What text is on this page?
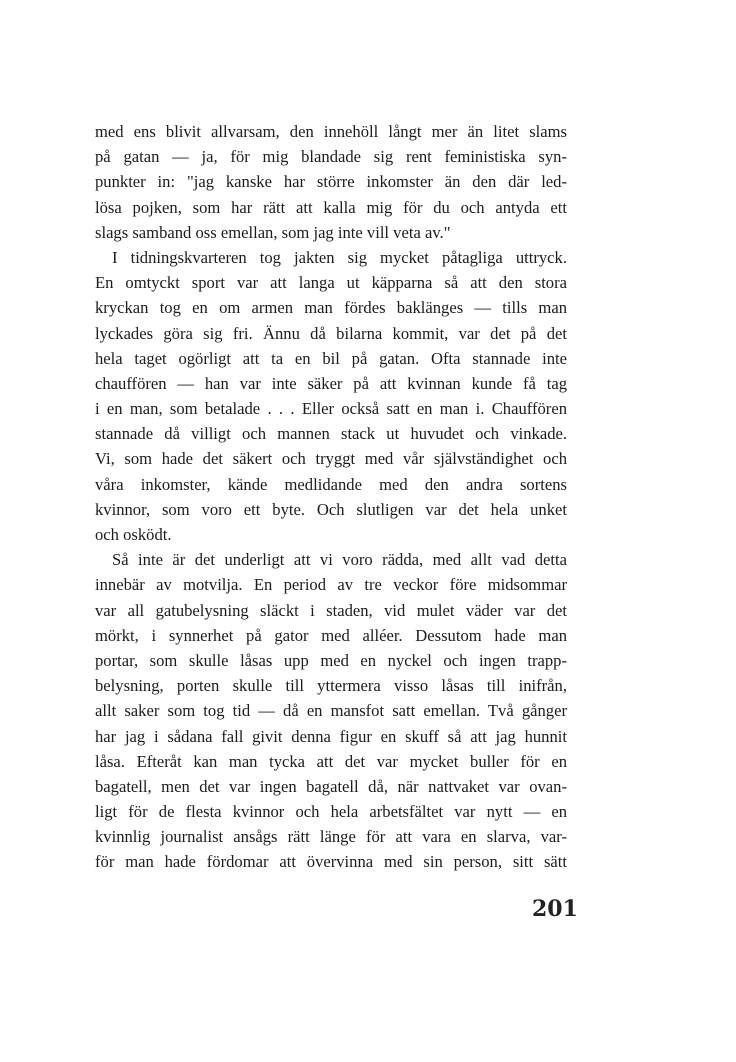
med ens blivit allvarsam, den innehöll långt mer än litet slams
på gatan — ja, för mig blandade sig rent feministiska syn-
punkter in: "jag kanske har större inkomster än den där led-
lösa pojken, som har rätt att kalla mig för du och antyda ett
slags samband oss emellan, som jag inte vill veta av."
I tidningskvarteren tog jakten sig mycket påtagliga uttryck.
En omtyckt sport var att langa ut käpparna så att den stora
kryckan tog en om armen man fördes baklänges — tills man
lyckades göra sig fri. Ännu då bilarna kommit, var det på det
hela taget ogörligt att ta en bil på gatan. Ofta stannade inte
chauffören — han var inte säker på att kvinnan kunde få tag
i en man, som betalade . . . Eller också satt en man i. Chauffören
stannade då villigt och mannen stack ut huvudet och vinkade.
Vi, som hade det säkert och tryggt med vår självständighet och
våra inkomster, kände medlidande med den andra sortens
kvinnor, som voro ett byte. Och slutligen var det hela unket
och osködt.
Så inte är det underligt att vi voro rädda, med allt vad detta
innebär av motvilja. En period av tre veckor före midsommar
var all gatubelysning släckt i staden, vid mulet väder var det
mörkt, i synnerhet på gator med alléer. Dessutom hade man
portar, som skulle låsas upp med en nyckel och ingen trapp-
belysning, porten skulle till yttermera visso låsas till inifrån,
allt saker som tog tid — då en mansfot satt emellan. Två gånger
har jag i sådana fall givit denna figur en skuff så att jag hunnit
låsa. Efteråt kan man tycka att det var mycket buller för en
bagatell, men det var ingen bagatell då, när nattvaket var ovan-
ligt för de flesta kvinnor och hela arbetsfältet var nytt — en
kvinnlig journalist ansågs rätt länge för att vara en slarva, var-
för man hade fördomar att övervinna med sin person, sitt sätt
201
